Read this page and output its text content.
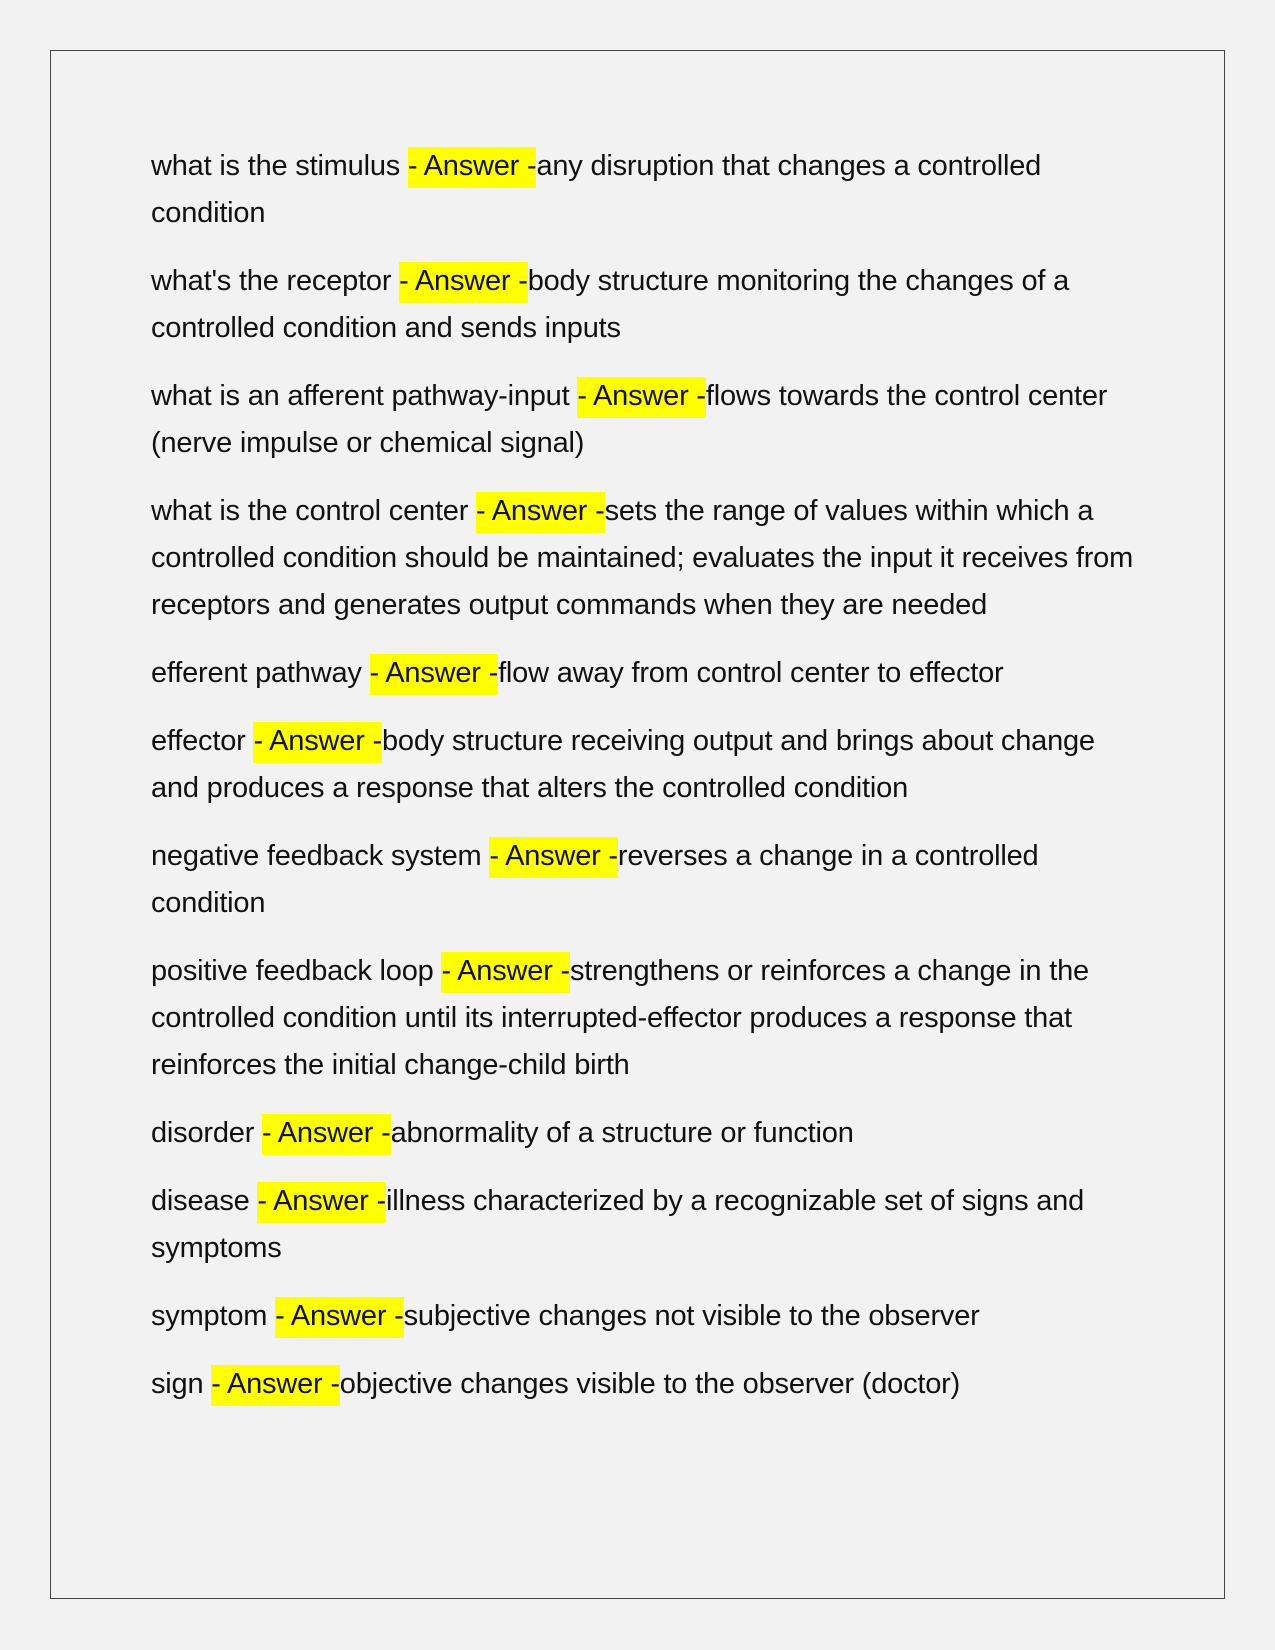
what is the stimulus - Answer -any disruption that changes a controlled condition

what's the receptor - Answer -body structure monitoring the changes of a controlled condition and sends inputs

what is an afferent pathway-input - Answer -flows towards the control center (nerve impulse or chemical signal)

what is the control center - Answer -sets the range of values within which a controlled condition should be maintained; evaluates the input it receives from receptors and generates output commands when they are needed

efferent pathway - Answer -flow away from control center to effector

effector - Answer -body structure receiving output and brings about change and produces a response that alters the controlled condition

negative feedback system - Answer -reverses a change in a controlled condition

positive feedback loop - Answer -strengthens or reinforces a change in the controlled condition until its interrupted-effector produces a response that reinforces the initial change-child birth

disorder - Answer -abnormality of a structure or function

disease - Answer -illness characterized by a recognizable set of signs and symptoms

symptom - Answer -subjective changes not visible to the observer

sign - Answer -objective changes visible to the observer (doctor)
